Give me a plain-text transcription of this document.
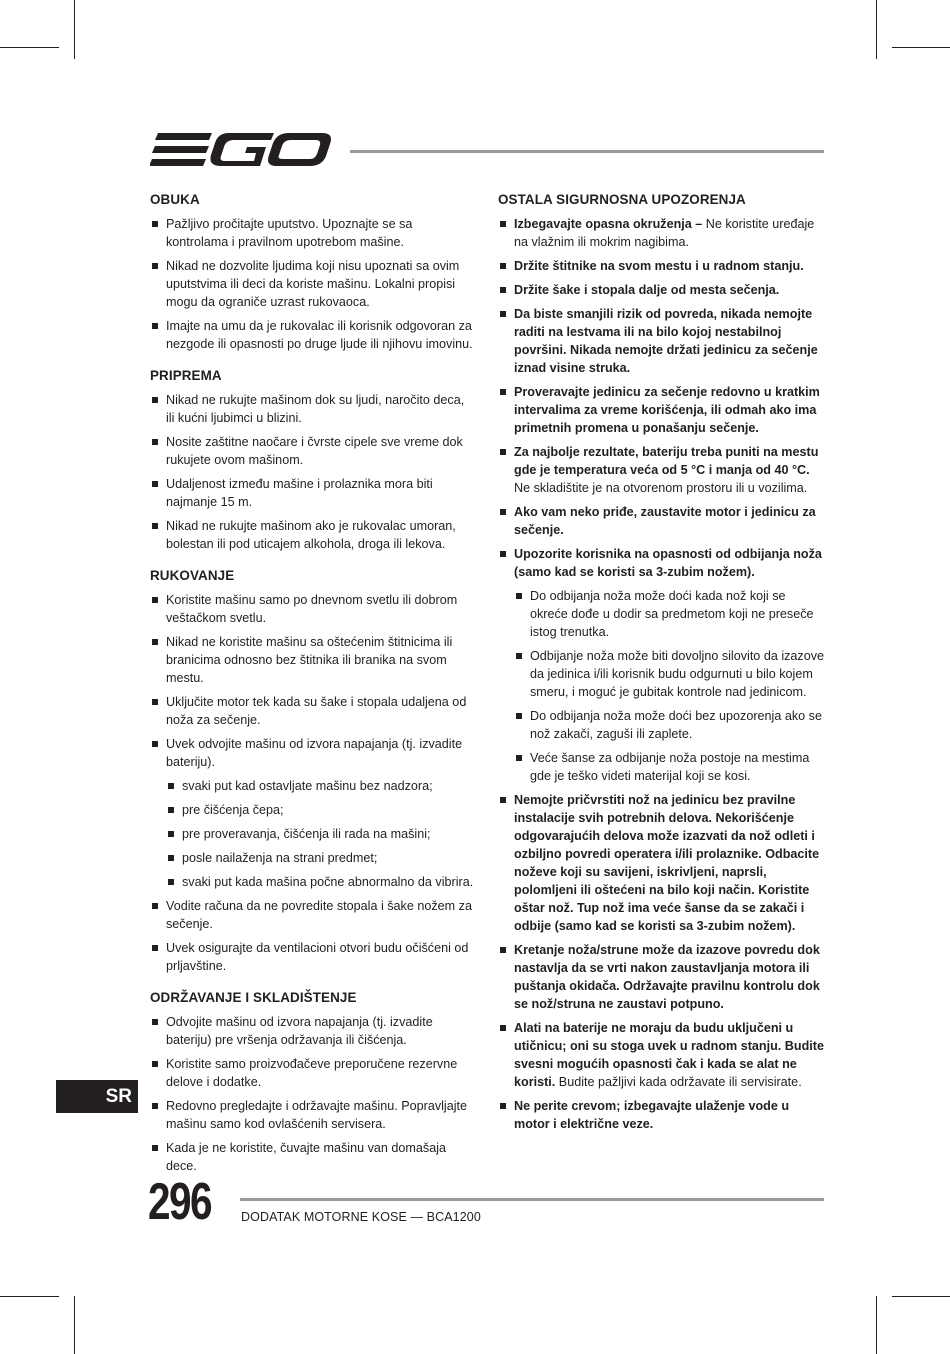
OBUKA
Pažljivo pročitajte uputstvo. Upoznajte se sa kontrolama i pravilnom upotrebom mašine.
Nikad ne dozvolite ljudima koji nisu upoznati sa ovim uputstvima ili deci da koriste mašinu. Lokalni propisi mogu da ograniče uzrast rukovaoca.
Imajte na umu da je rukovalac ili korisnik odgovoran za nezgode ili opasnosti po druge ljude ili njihovu imovinu.
PRIPREMA
Nikad ne rukujte mašinom dok su ljudi, naročito deca, ili kućni ljubimci u blizini.
Nosite zaštitne naočare i čvrste cipele sve vreme dok rukujete ovom mašinom.
Udaljenost između mašine i prolaznika mora biti najmanje 15 m.
Nikad ne rukujte mašinom ako je rukovalac umoran, bolestan ili pod uticajem alkohola, droga ili lekova.
RUKOVANJE
Koristite mašinu samo po dnevnom svetlu ili dobrom veštačkom svetlu.
Nikad ne koristite mašinu sa oštećenim štitnicima ili branicima odnosno bez štitnika ili branika na svom mestu.
Uključite motor tek kada su šake i stopala udaljena od noža za sečenje.
Uvek odvojite mašinu od izvora napajanja (tj. izvadite bateriju).
svaki put kad ostavljate mašinu bez nadzora;
pre čišćenja čepa;
pre proveravanja, čišćenja ili rada na mašini;
posle nailaženja na strani predmet;
svaki put kada mašina počne abnormalno da vibrira.
Vodite računa da ne povredite stopala i šake nožem za sečenje.
Uvek osigurajte da ventilacioni otvori budu očišćeni od prljavštine.
ODRŽAVANJE I SKLADIŠTENJE
Odvojite mašinu od izvora napajanja (tj. izvadite bateriju) pre vršenja održavanja ili čišćenja.
Koristite samo proizvođačeve preporučene rezervne delove i dodatke.
Redovno pregledajte i održavajte mašinu. Popravljajte mašinu samo kod ovlašćenih servisera.
Kada je ne koristite, čuvajte mašinu van domašaja dece.
OSTALA SIGURNOSNA UPOZORENJA
Izbegavajte opasna okruženja – Ne koristite uređaje na vlažnim ili mokrim nagibima.
Držite štitnike na svom mestu i u radnom stanju.
Držite šake i stopala dalje od mesta sečenja.
Da biste smanjili rizik od povreda, nikada nemojte raditi na lestvama ili na bilo kojoj nestabilnoj površini. Nikada nemojte držati jedinicu za sečenje iznad visine struka.
Proveravajte jedinicu za sečenje redovno u kratkim intervalima za vreme korišćenja, ili odmah ako ima primetnih promena u ponašanju sečenje.
Za najbolje rezultate, bateriju treba puniti na mestu gde je temperatura veća od 5 °C i manja od 40 °C. Ne skladištite je na otvorenom prostoru ili u vozilima.
Ako vam neko priđe, zaustavite motor i jedinicu za sečenje.
Upozorite korisnika na opasnosti od odbijanja noža (samo kad se koristi sa 3-zubim nožem).
Do odbijanja noža može doći kada nož koji se okreće dođe u dodir sa predmetom koji ne preseče istog trenutka.
Odbijanje noža može biti dovoljno silovito da izazove da jedinica i/ili korisnik budu odgurnuti u bilo kojem smeru, i moguć je gubitak kontrole nad jedinicom.
Do odbijanja noža može doći bez upozorenja ako se nož zakači, zaguši ili zaplete.
Veće šanse za odbijanje noža postoje na mestima gde je teško videti materijal koji se kosi.
Nemojte pričvrstiti nož na jedinicu bez pravilne instalacije svih potrebnih delova. Nekorišćenje odgovarajućih delova može izazvati da nož odleti i ozbiljno povredi operatera i/ili prolaznike. Odbacite noževe koji su savijeni, iskrivljeni, naprsli, polomljeni ili oštećeni na bilo koji način. Koristite oštar nož. Tup nož ima veće šanse da se zakači i odbije (samo kad se koristi sa 3-zubim nožem).
Kretanje noža/strune može da izazove povredu dok nastavlja da se vrti nakon zaustavljanja motora ili puštanja okidača. Održavajte pravilnu kontrolu dok se nož/struna ne zaustavi potpuno.
Alati na baterije ne moraju da budu uključeni u utičnicu; oni su stoga uvek u radnom stanju. Budite svesni mogućih opasnosti čak i kada se alat ne koristi. Budite pažljivi kada održavate ili servisirate.
Ne perite crevom; izbegavajte ulaženje vode u motor i električne veze.
SR
296 DODATAK MOTORNE KOSE — BCA1200
